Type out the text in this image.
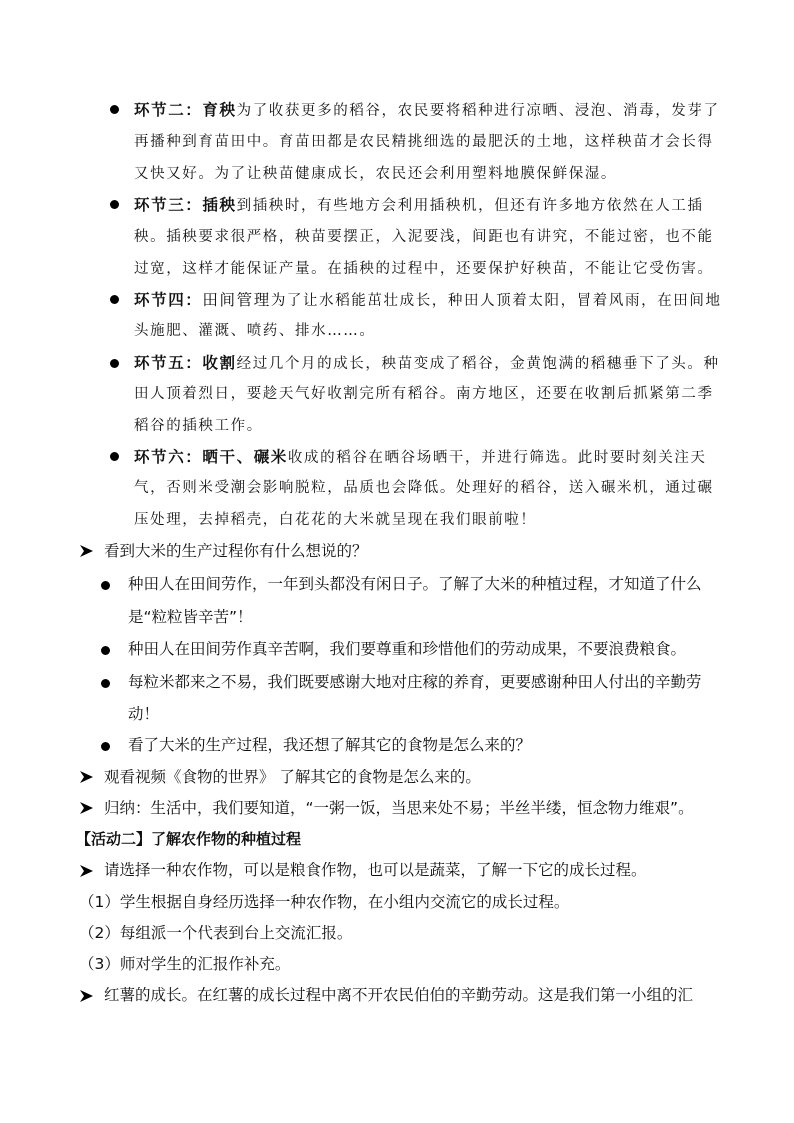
环节二：育秧为了收获更多的稻谷，农民要将稻种进行凉晒、浸泡、消毒，发芽了
再播种到育苗田中。育苗田都是农民精挑细选的最肥沃的土地，这样秧苗才会长得
又快又好。为了让秧苗健康成长，农民还会利用塑料地膜保鲜保湿。
环节三：插秧到插秧时，有些地方会利用插秧机，但还有许多地方依然在人工插
秧。插秧要求很严格，秧苗要摆正，入泥要浅，间距也有讲究，不能过密，也不能
过宽，这样才能保证产量。在插秧的过程中，还要保护好秧苗，不能让它受伤害。
环节四：田间管理为了让水稻能茁壮成长，种田人顶着太阳，冒着风雨，在田间地
头施肥、灌溉、喷药、排水……。
环节五：收割经过几个月的成长，秧苗变成了稻谷，金黄饱满的稻穗垂下了头。种
田人顶着烈日，要趁天气好收割完所有稻谷。南方地区，还要在收割后抓紧第二季
稻谷的插秧工作。
环节六：晒干、碾米收成的稻谷在晒谷场晒干，并进行筛选。此时要时刻关注天
气，否则米受潮会影响脱粒，品质也会降低。处理好的稻谷，送入碾米机，通过碾
压处理，去掉稻壳，白花花的大米就呈现在我们眼前啦！
看到大米的生产过程你有什么想说的？
种田人在田间劳作，一年到头都没有闲日子。了解了大米的种植过程，才知道了什么
是“粒粒皆辛苦”！
种田人在田间劳作真辛苦啊，我们要尊重和珍惜他们的劳动成果，不要浪费粮食。
每粒米都来之不易，我们既要感谢大地对庄稼的养育，更要感谢种田人付出的辛勤劳
动！
看了大米的生产过程，我还想了解其它的食物是怎么来的？
观看视频《食物的世界》 了解其它的食物是怎么来的。
归纳：生活中，我们要知道，“一粥一饭，当思来处不易；半丝半缕，恒念物力维艰”。
【活动二】了解农作物的种植过程
请选择一种农作物，可以是粮食作物，也可以是蔬菜，了解一下它的成长过程。
（1）学生根据自身经历选择一种农作物，在小组内交流它的成长过程。
（2）每组派一个代表到台上交流汇报。
（3）师对学生的汇报作补充。
红薯的成长。在红薯的成长过程中离不开农民伯伯的辛勤劳动。这是我们第一小组的汇
